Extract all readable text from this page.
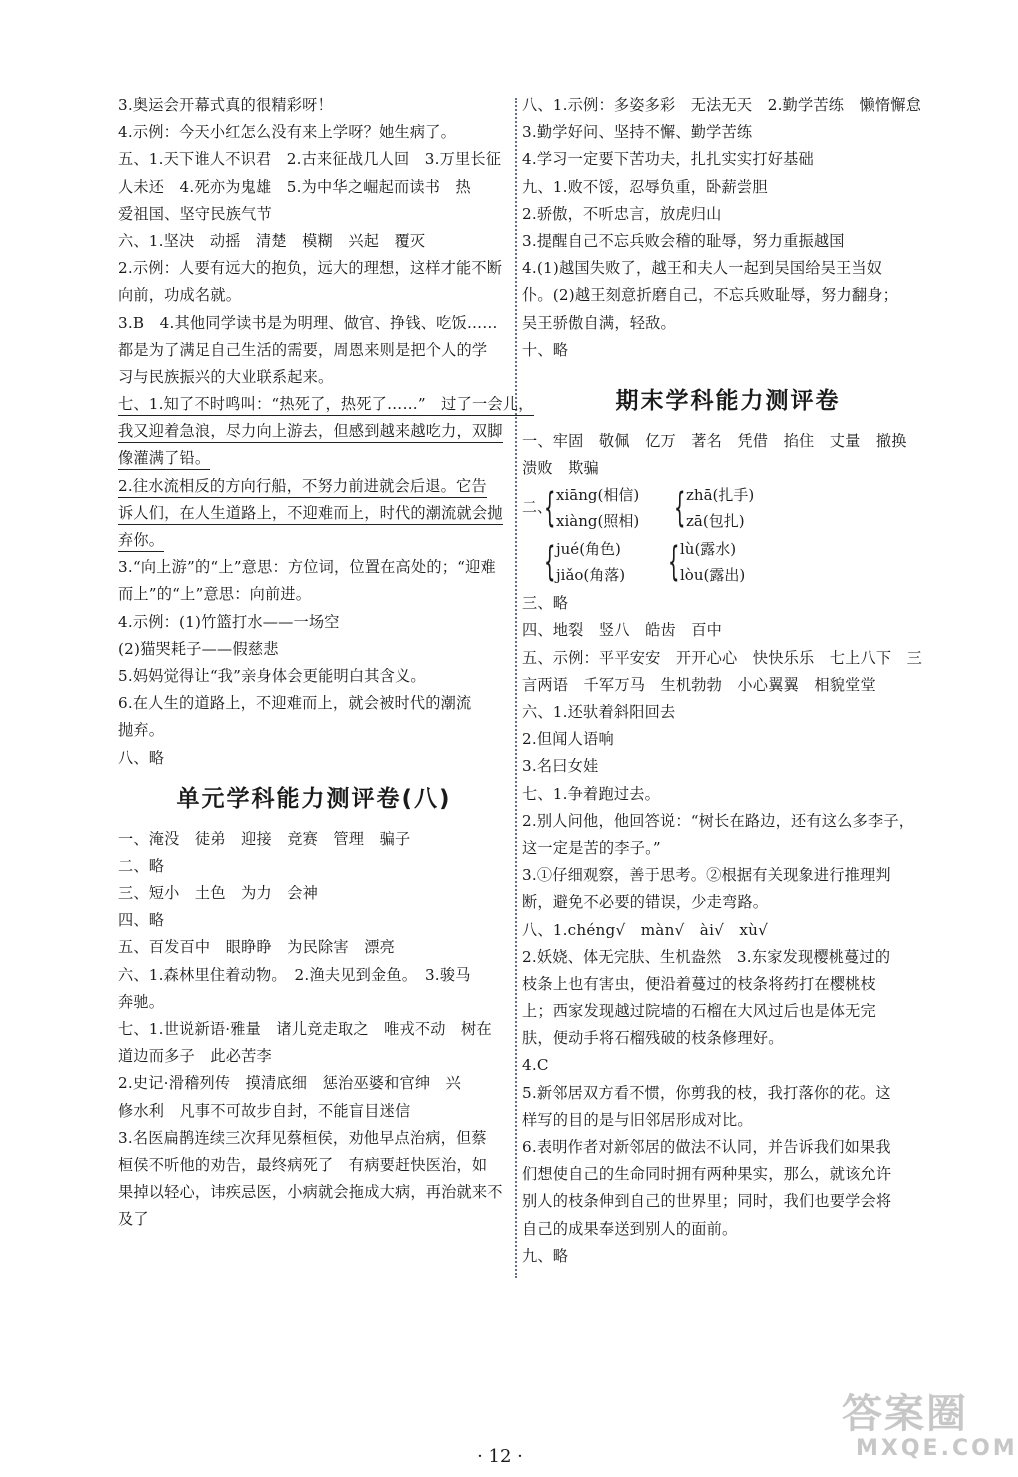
3.奥运会开幕式真的很精彩呀！
4.示例：今天小红怎么没有来上学呀？她生病了。
五、1.天下谁人不识君　2.古来征战几人回　3.万里长征
人未还　4.死亦为鬼雄　5.为中华之崛起而读书　热
爱祖国、坚守民族气节
六、1.坚决　动摇　清楚　模糊　兴起　覆灭
2.示例：人要有远大的抱负，远大的理想，这样才能不断
向前，功成名就。
3.B　4.其他同学读书是为明理、做官、挣钱、吃饭……
都是为了满足自己生活的需要，周恩来则是把个人的学
习与民族振兴的大业联系起来。
七、1.知了不时鸣叫：“热死了，热死了……”　过了一会儿，
我又迎着急浪，尽力向上游去，但感到越来越吃力，双脚
像灌满了铅。
2.往水流相反的方向行船，不努力前进就会后退。它告
诉人们，在人生道路上，不迎难而上，时代的潮流就会抛
弃你。
3.“向上游”的“上”意思：方位词，位置在高处的；“迎难
而上”的“上”意思：向前进。
4.示例：(1)竹篮打水——一场空
(2)猫哭耗子——假慈悲
5.妈妈觉得让“我”亲身体会更能明白其含义。
6.在人生的道路上，不迎难而上，就会被时代的潮流
抛弃。
八、略
单元学科能力测评卷(八)
一、淹没　徒弟　迎接　竞赛　管理　骗子
二、略
三、短小　土色　为力　会神
四、略
五、百发百中　眼睁睁　为民除害　漂亮
六、1.森林里住着动物。　2.渔夫见到金鱼。　3.骏马
奔驰。
七、1.世说新语·雅量　诸儿竞走取之　唯戎不动　树在
道边而多子　此必苦李
2.史记·滑稽列传　摸清底细　惩治巫婆和官绅　兴
修水利　凡事不可故步自封，不能盲目迷信
3.名医扁鹊连续三次拜见蔡桓侯，劝他早点治病，但蔡
桓侯不听他的劝告，最终病死了　有病要赶快医治，如
果掉以轻心，讳疾忌医，小病就会拖成大病，再治就来不
及了
八、1.示例：多姿多彩　无法无天　2.勤学苦练　懒惰懈怠
3.勤学好问、坚持不懈、勤学苦练
4.学习一定要下苦功夫，扎扎实实打好基础
九、1.败不馁，忍辱负重，卧薪尝胆
2.骄傲，不听忠言，放虎归山
3.提醒自己不忘兵败会稽的耻辱，努力重振越国
4.(1)越国失败了，越王和夫人一起到吴国给吴王当奴
仆。(2)越王刻意折磨自己，不忘兵败耻辱，努力翻身；
吴王骄傲自满，轻敌。
十、略
期末学科能力测评卷
一、牢固　敬佩　亿万　著名　凭借　掐住　丈量　撤换
溃败　欺骗
二、
{ xiāng(相信)
xiàng(照相) { zhā(扎手)
zā(包扎)
{ jué(角色)
jiǎo(角落) { lù(露水)
lòu(露出)
三、略
四、地裂　竖八　皓齿　百中
五、示例：平平安安　开开心心　快快乐乐　七上八下　三
言两语　千军万马　生机勃勃　小心翼翼　相貌堂堂
六、1.还驮着斜阳回去
2.但闻人语响
3.名曰女娃
七、1.争着跑过去。
2.别人问他，他回答说：“树长在路边，还有这么多李子，
这一定是苦的李子。”
3.①仔细观察，善于思考。②根据有关现象进行推理判
断，避免不必要的错误，少走弯路。
八、1.chéng√　màn√　ài√　xù√
2.妖娆、体无完肤、生机盎然　3.东家发现樱桃蔓过的
枝条上也有害虫，便沿着蔓过的枝条将药打在樱桃枝
上；西家发现越过院墙的石榴在大风过后也是体无完
肤，便动手将石榴残破的枝条修理好。
4.C
5.新邻居双方看不惯，你剪我的枝，我打落你的花。这
样写的目的是与旧邻居形成对比。
6.表明作者对新邻居的做法不认同，并告诉我们如果我
们想使自己的生命同时拥有两种果实，那么，就该允许
别人的枝条伸到自己的世界里；同时，我们也要学会将
自己的成果奉送到别人的面前。
九、略
· 12 ·
答案圈
MXQE.COM
